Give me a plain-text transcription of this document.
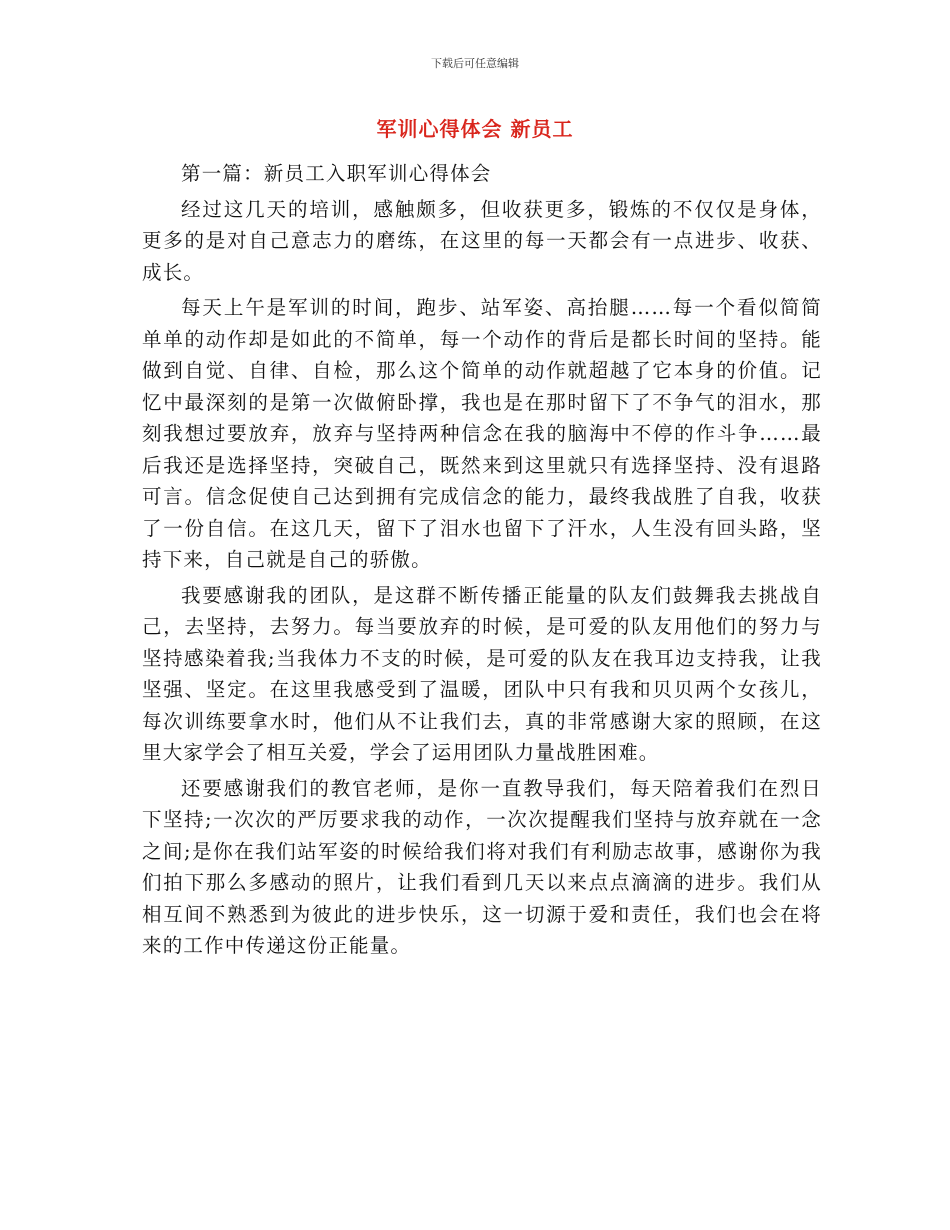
下载后可任意编辑
军训心得体会 新员工

第一篇：新员工入职军训心得体会

经过这几天的培训，感触颇多，但收获更多，锻炼的不仅仅是身体，更多的是对自己意志力的磨练，在这里的每一天都会有一点进步、收获、成长。

每天上午是军训的时间，跑步、站军姿、高抬腿……每一个看似简简单单的动作却是如此的不简单，每一个动作的背后是都长时间的坚持。能做到自觉、自律、自检，那么这个简单的动作就超越了它本身的价值。记忆中最深刻的是第一次做俯卧撑，我也是在那时留下了不争气的泪水，那刻我想过要放弃，放弃与坚持两种信念在我的脑海中不停的作斗争……最后我还是选择坚持，突破自己，既然来到这里就只有选择坚持、没有退路可言。信念促使自己达到拥有完成信念的能力，最终我战胜了自我，收获了一份自信。在这几天，留下了泪水也留下了汗水，人生没有回头路，坚持下来，自己就是自己的骄傲。

我要感谢我的团队，是这群不断传播正能量的队友们鼓舞我去挑战自己，去坚持，去努力。每当要放弃的时候，是可爱的队友用他们的努力与坚持感染着我;当我体力不支的时候，是可爱的队友在我耳边支持我，让我坚强、坚定。在这里我感受到了温暖，团队中只有我和贝贝两个女孩儿，每次训练要拿水时，他们从不让我们去，真的非常感谢大家的照顾，在这里大家学会了相互关爱，学会了运用团队力量战胜困难。

还要感谢我们的教官老师，是你一直教导我们，每天陪着我们在烈日下坚持;一次次的严厉要求我的动作，一次次提醒我们坚持与放弃就在一念之间;是你在我们站军姿的时候给我们将对我们有利励志故事，感谢你为我们拍下那么多感动的照片，让我们看到几天以来点点滴滴的进步。我们从相互间不熟悉到为彼此的进步快乐，这一切源于爱和责任，我们也会在将来的工作中传递这份正能量。
